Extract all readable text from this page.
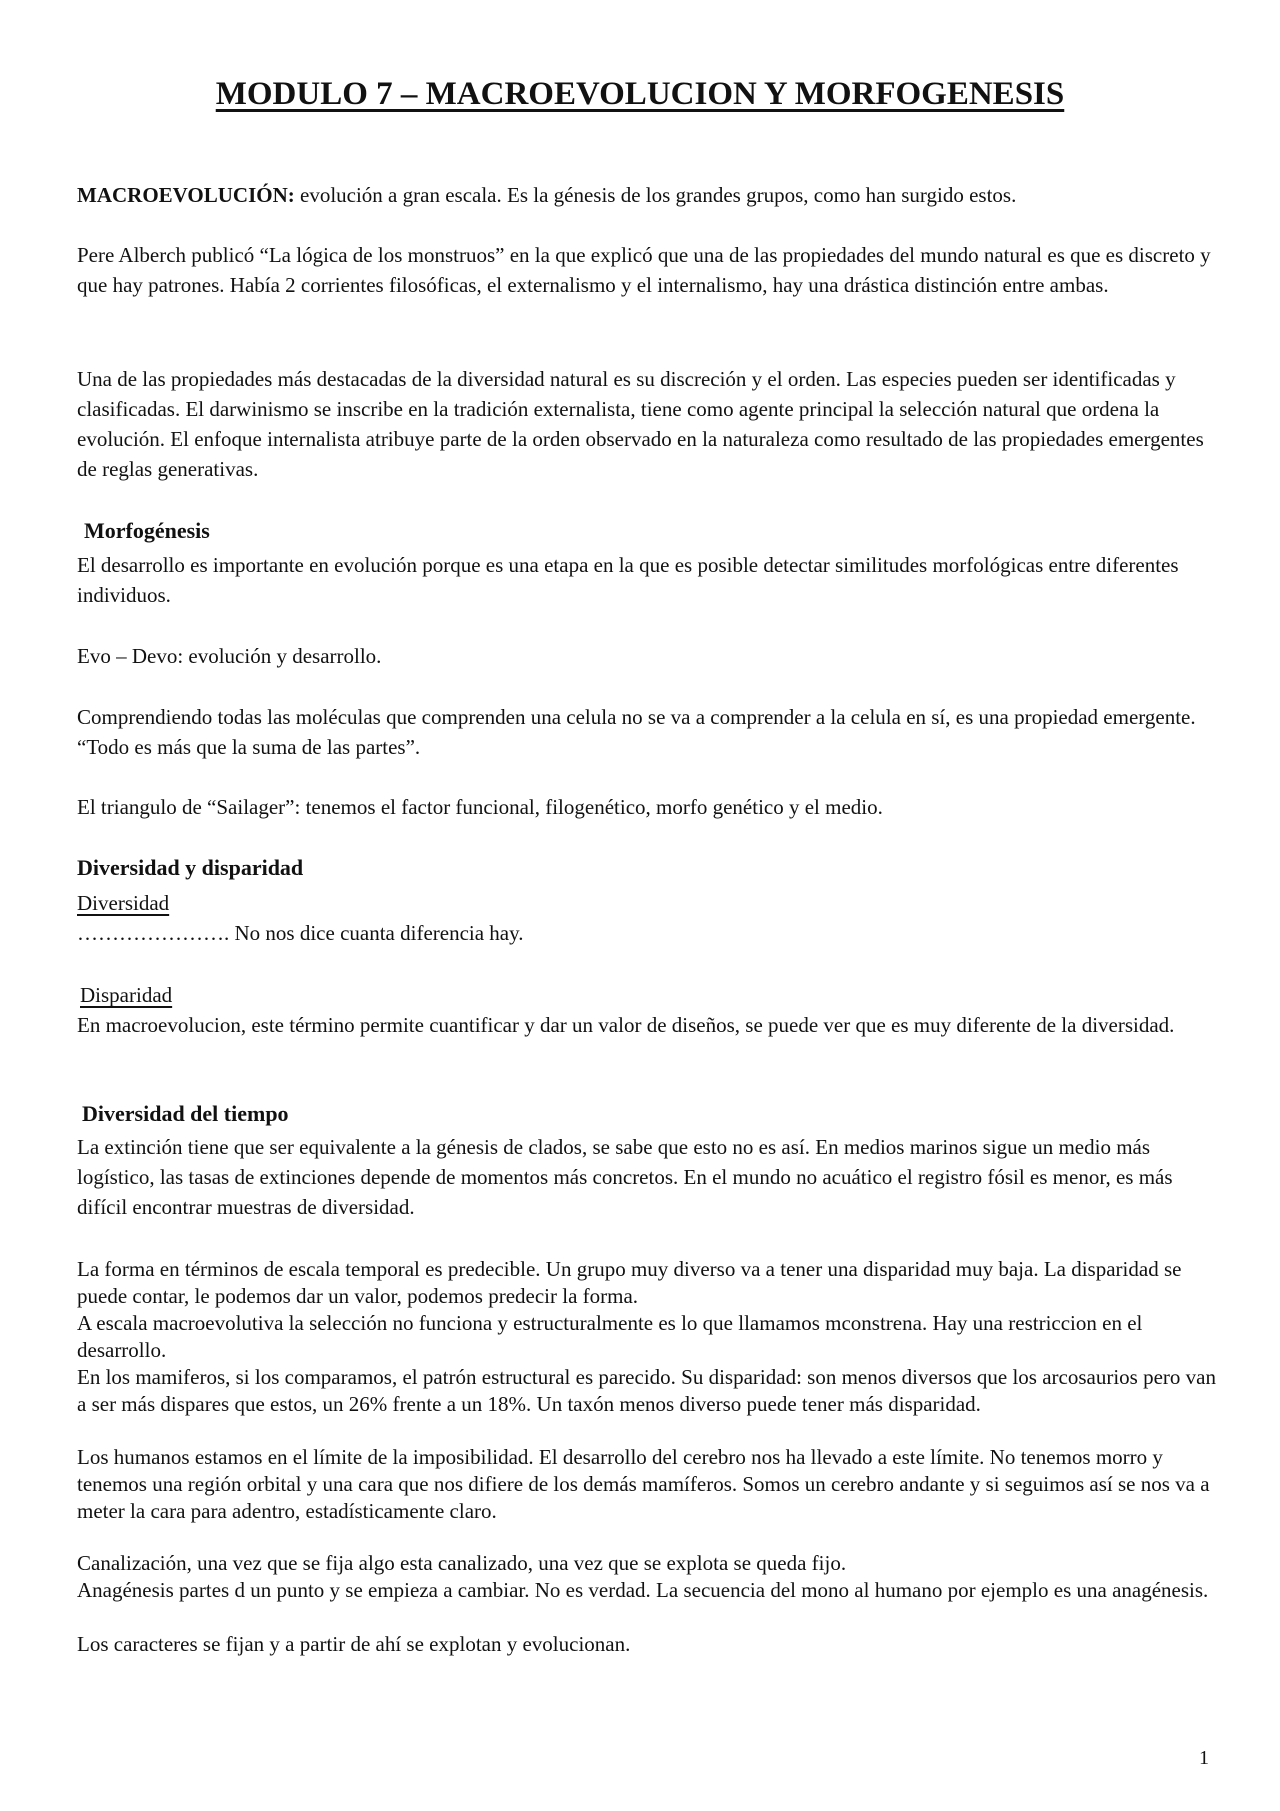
MODULO 7 – MACROEVOLUCION Y MORFOGENESIS

MACROEVOLUCIÓN: evolución a gran escala. Es la génesis de los grandes grupos, como han surgido estos.

Pere Alberch publicó “La lógica de los monstruos” en la que explicó que una de las propiedades del mundo natural es que es discreto y que hay patrones. Había 2 corrientes filosóficas, el externalismo y el internalismo, hay una drástica distinción entre ambas.

Una de las propiedades más destacadas de la diversidad natural es su discreción y el orden. Las especies pueden ser identificadas y clasificadas. El darwinismo se inscribe en la tradición externalista, tiene como agente principal la selección natural que ordena la evolución. El enfoque internalista atribuye parte de la orden observado en la naturaleza como resultado de las propiedades emergentes de reglas generativas.

Morfogénesis

El desarrollo es importante en evolución porque es una etapa en la que es posible detectar similitudes morfológicas entre diferentes individuos.

Evo – Devo: evolución y desarrollo.

Comprendiendo todas las moléculas que comprenden una celula no se va a comprender a la celula en sí, es una propiedad emergente. “Todo es más que la suma de las partes”.

El triangulo de “Sailager”: tenemos el factor funcional, filogenético, morfo genético y el medio.

Diversidad y disparidad

Diversidad

…………………. No nos dice cuanta diferencia hay.

Disparidad

En macroevolucion, este término permite cuantificar y dar un valor de diseños, se puede ver que es muy diferente de la diversidad.

Diversidad del tiempo

La extinción tiene que ser equivalente a la génesis de clados, se sabe que esto no es así. En medios marinos sigue un medio más logístico, las tasas de extinciones depende de momentos más concretos. En el mundo no acuático el registro fósil es menor, es más difícil encontrar muestras de diversidad.

La forma en términos de escala temporal es predecible. Un grupo muy diverso va a tener una disparidad muy baja. La disparidad se puede contar, le podemos dar un valor, podemos predecir la forma.

A escala macroevolutiva la selección no funciona y estructuralmente es lo que llamamos mconstrena. Hay una restriccion en el desarrollo.

En los mamiferos, si los comparamos, el patrón estructural es parecido. Su disparidad: son menos diversos que los arcosaurios pero van a ser más dispares que estos, un 26% frente a un 18%. Un taxón menos diverso puede tener más disparidad.

Los humanos estamos en el límite de la imposibilidad. El desarrollo del cerebro nos ha llevado a este límite. No tenemos morro y tenemos una región orbital y una cara que nos difiere de los demás mamíferos. Somos un cerebro andante y si seguimos así se nos va a meter la cara para adentro, estadísticamente claro.

Canalización, una vez que se fija algo esta canalizado, una vez que se explota se queda fijo.

Anagénesis partes d un punto y se empieza a cambiar. No es verdad. La secuencia del mono al humano por ejemplo es una anagénesis.

Los caracteres se fijan y a partir de ahí se explotan y evolucionan.

1
